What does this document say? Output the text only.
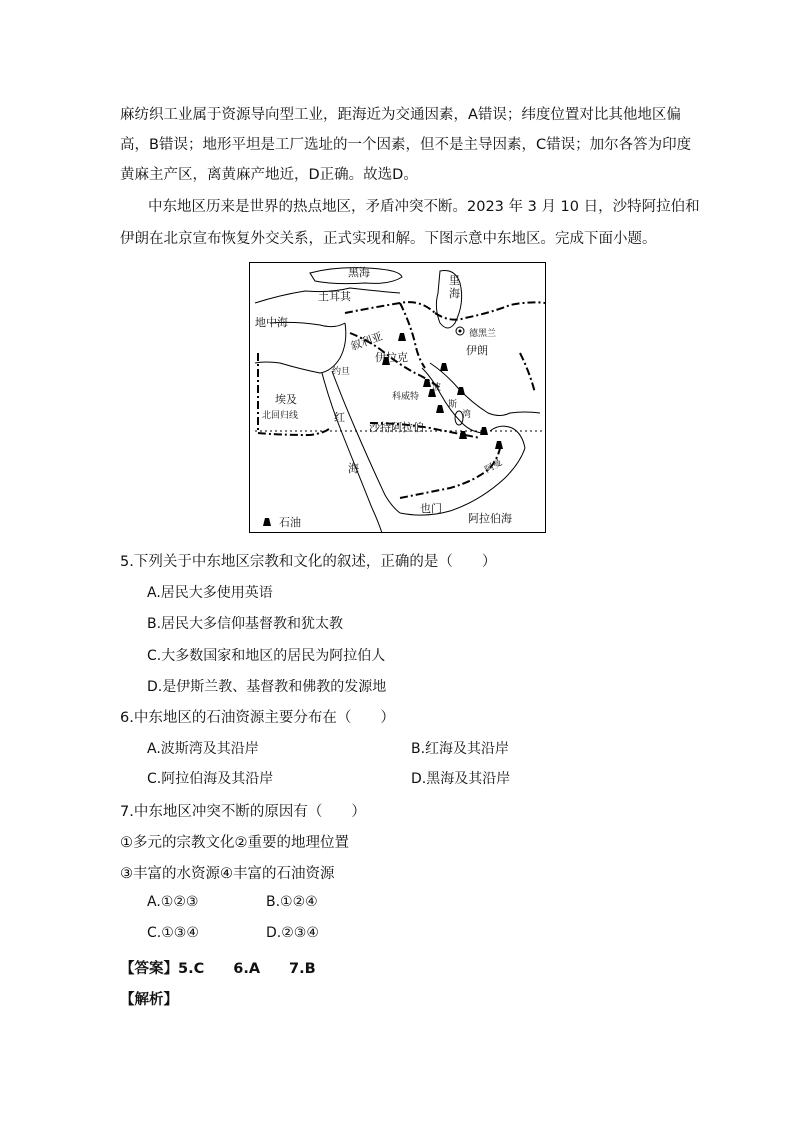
麻纺织工业属于资源导向型工业，距海近为交通因素，A错误；纬度位置对比其他地区偏
高，B错误；地形平坦是工厂选址的一个因素，但不是主导因素，C错误；加尔各答为印度
黄麻主产区，离黄麻产地近，D正确。故选D。
中东地区历来是世界的热点地区，矛盾冲突不断。2023 年 3 月 10 日，沙特阿拉伯和
伊朗在北京宣布恢复外交关系，正式实现和解。下图示意中东地区。完成下面小题。
黑海
里
海
土耳其
地中海
德黑兰
叙利亚
伊拉克
伊朗
约旦
波
斯
湾
科威特
埃及
北回归线	红
沙特阿拉伯
海	阿曼
也门
阿拉伯海
石油
5.下列关于中东地区宗教和文化的叙述，正确的是（　　）
A.居民大多使用英语
B.居民大多信仰基督教和犹太教
C.大多数国家和地区的居民为阿拉伯人
D.是伊斯兰教、基督教和佛教的发源地
6.中东地区的石油资源主要分布在（　　）
A.波斯湾及其沿岸	B.红海及其沿岸
C.阿拉伯海及其沿岸	D.黑海及其沿岸
7.中东地区冲突不断的原因有（　　）
①多元的宗教文化②重要的地理位置
③丰富的水资源④丰富的石油资源
A.①②③	B.①②④
C.①③④	D.②③④
【答案】5.C　　6.A　　7.B
【解析】
